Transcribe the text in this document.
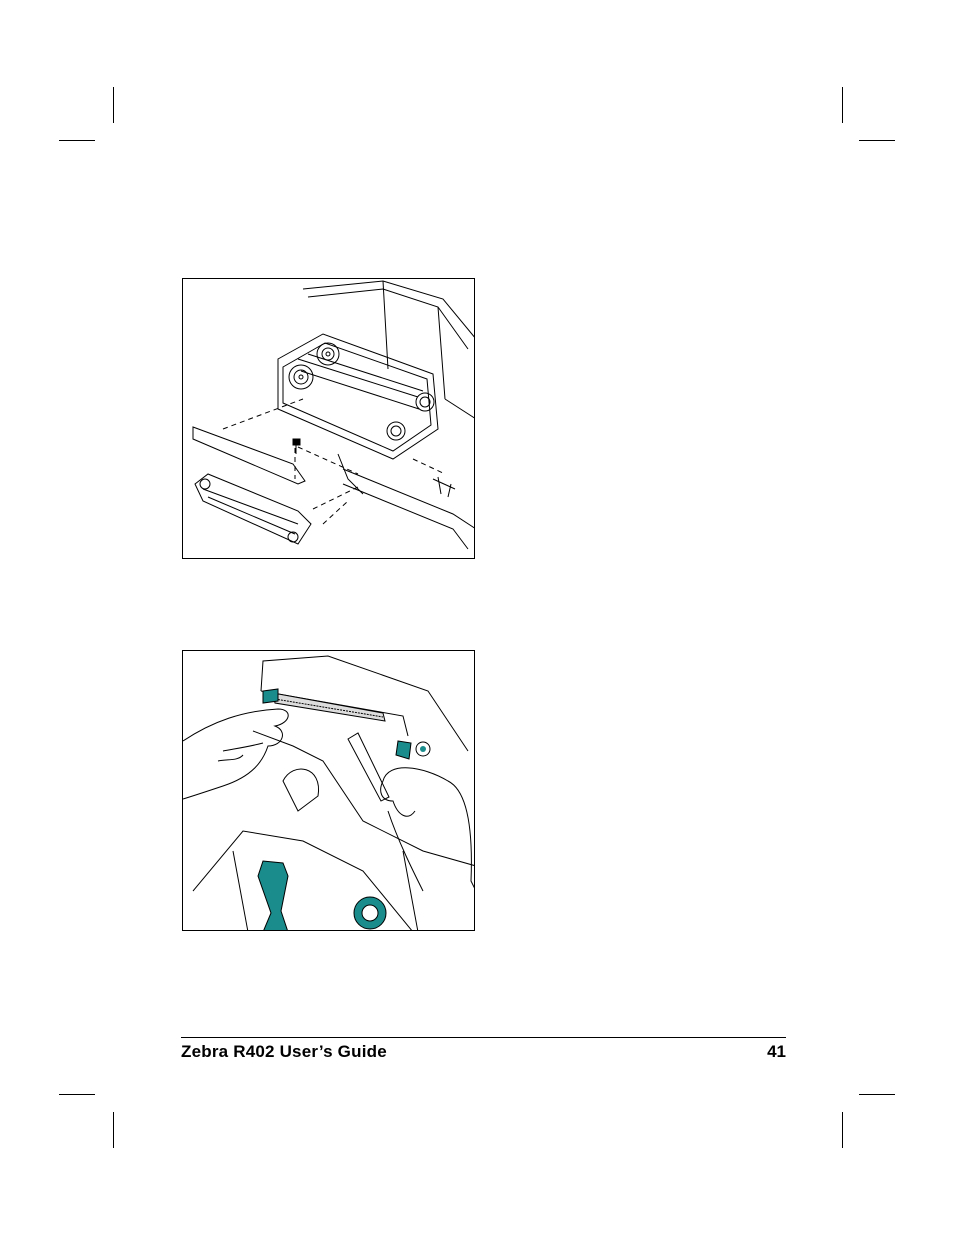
Zebra R402 User’s Guide	41
